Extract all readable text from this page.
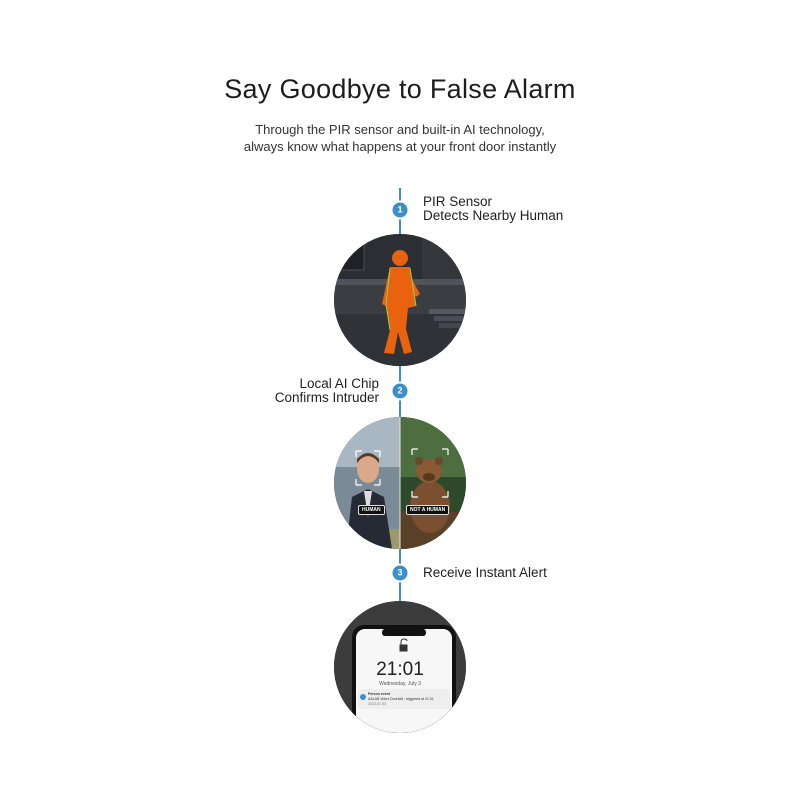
Say Goodbye to False Alarm
Through the PIR sensor and built-in AI technology,
always know what happens at your front door instantly
1
PIR Sensor
Detects Nearby Human
2
Local AI Chip
Confirms Intruder
HUMAN	NOT A HUMAN
3	Receive Instant Alert
21:01
Wednesday, July 3
Person event
AALAB Video Doorbell - triggered at 21:01
2022-07-03
